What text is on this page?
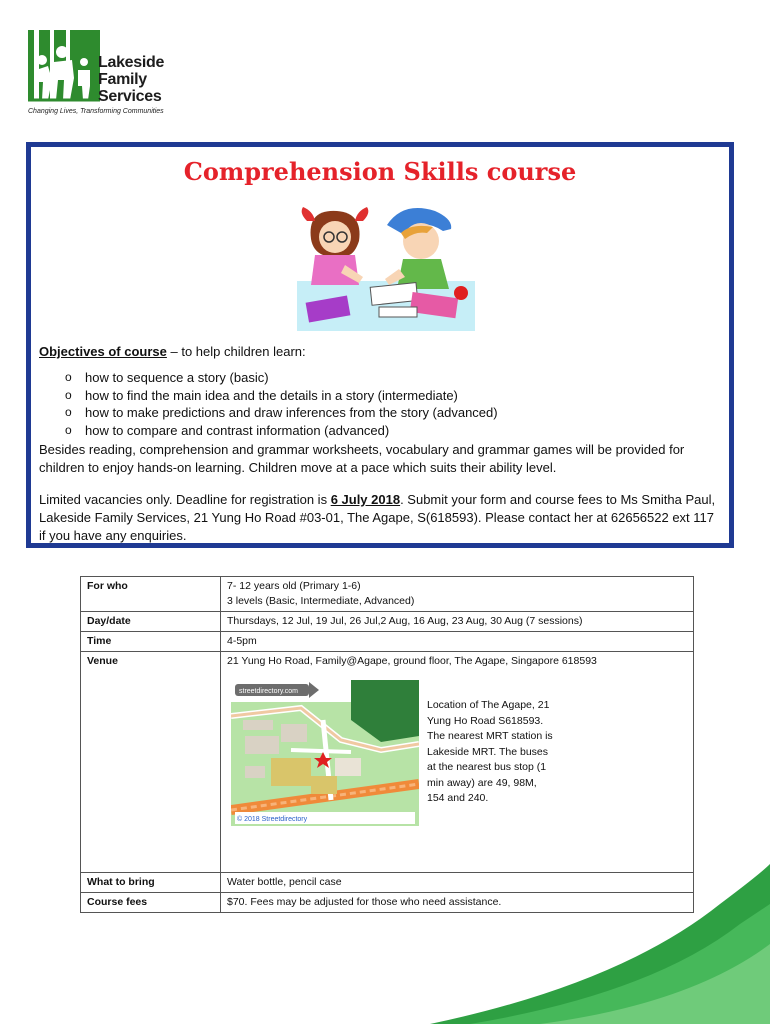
Lakeside
Family
Services
Changing Lives, Transforming Communities
Comprehension Skills course
Objectives of course – to help children learn:
o how to sequence a story (basic)
o how to find the main idea and the details in a story (intermediate)
o how to make predictions and draw inferences from the story (advanced)
o how to compare and contrast information (advanced)
Besides reading, comprehension and grammar worksheets, vocabulary and grammar games will be provided for children to enjoy hands-on learning. Children move at a pace which suits their ability level.
Limited vacancies only. Deadline for registration is 6 July 2018. Submit your form and course fees to Ms Smitha Paul, Lakeside Family Services, 21 Yung Ho Road #03-01, The Agape, S(618593). Please contact her at 62656522 ext 117 if you have any enquiries.
For who	7- 12 years old (Primary 1-6)
3 levels (Basic, Intermediate, Advanced)

Day/date	Thursdays, 12 Jul, 19 Jul, 26 Jul,2 Aug, 16 Aug, 23 Aug, 30 Aug (7 sessions)
Time	4-5pm
Venue	21 Yung Ho Road, Family@Agape, ground floor, The Agape, Singapore 618593
streetdirectory.com
© 2018 Streetdirectory
Location of The Agape, 21 Yung Ho Road S618593. The nearest MRT station is Lakeside MRT. The buses at the nearest bus stop (1 min away) are 49, 98M, 154 and 240.

What to bring	Water bottle, pencil case
Course fees	$70. Fees may be adjusted for those who need assistance.
